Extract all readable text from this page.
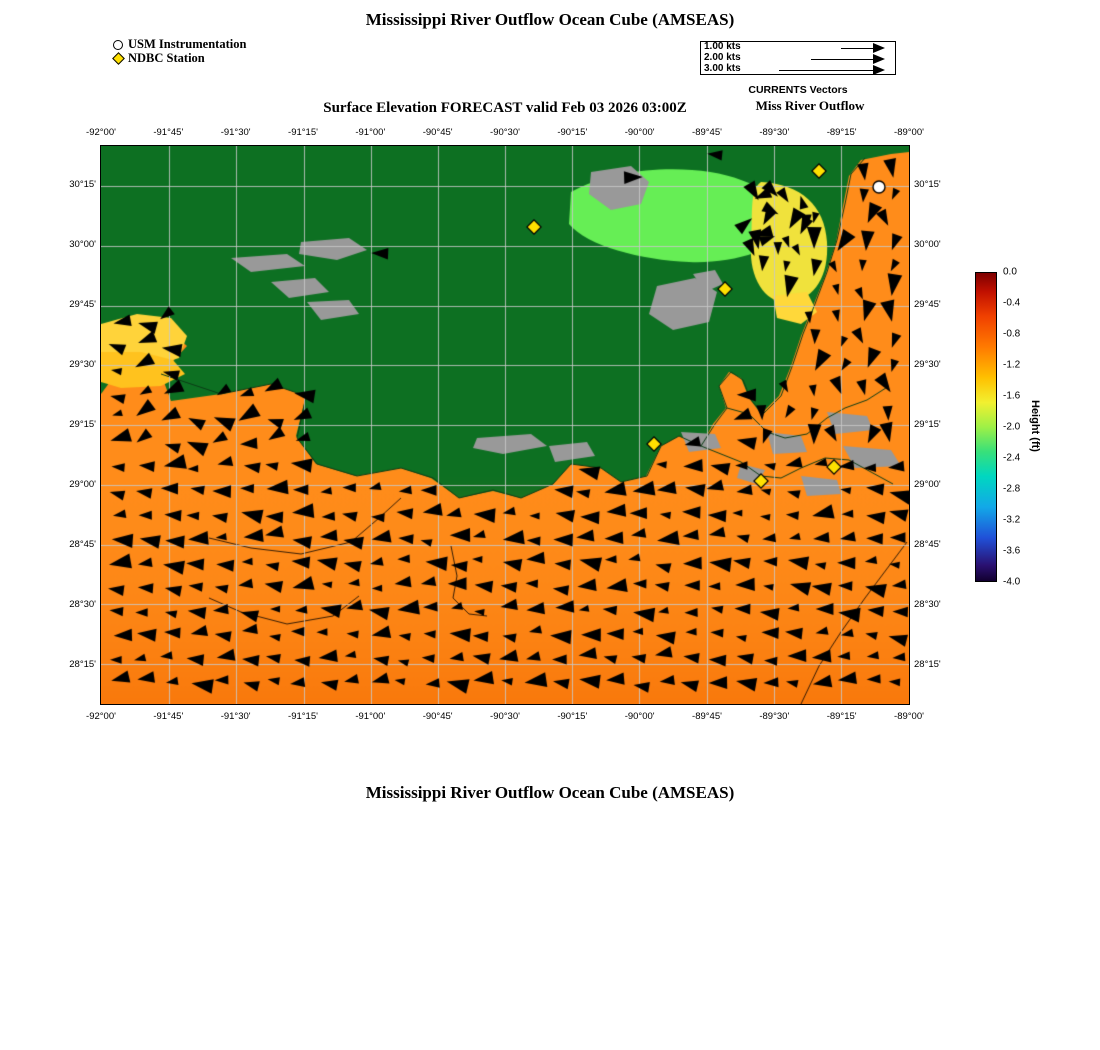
Mississippi River Outflow Ocean Cube (AMSEAS)
Surface Elevation FORECAST valid Feb 03 2026 03:00Z
Mississippi River Outflow Ocean Cube (AMSEAS)
USM Instrumentation
NDBC Station
1.00 kts
2.00 kts
3.00 kts
CURRENTS Vectors
Miss River Outflow
-92°00'
-92°00'
-91°45'
-91°45'
-91°30'
-91°30'
-91°15'
-91°15'
-91°00'
-91°00'
-90°45'
-90°45'
-90°30'
-90°30'
-90°15'
-90°15'
-90°00'
-90°00'
-89°45'
-89°45'
-89°30'
-89°30'
-89°15'
-89°15'
-89°00'
-89°00'
30°15'	30°15'
30°00'	30°00'
29°45'	29°45'
29°30'	29°30'
29°15'	29°15'
29°00'	29°00'
28°45'	28°45'
28°30'	28°30'
28°15'	28°15'
0.0
-0.4
-0.8
-1.2
-1.6
-2.0
-2.4
-2.8
-3.2
-3.6
-4.0
Height (ft)
